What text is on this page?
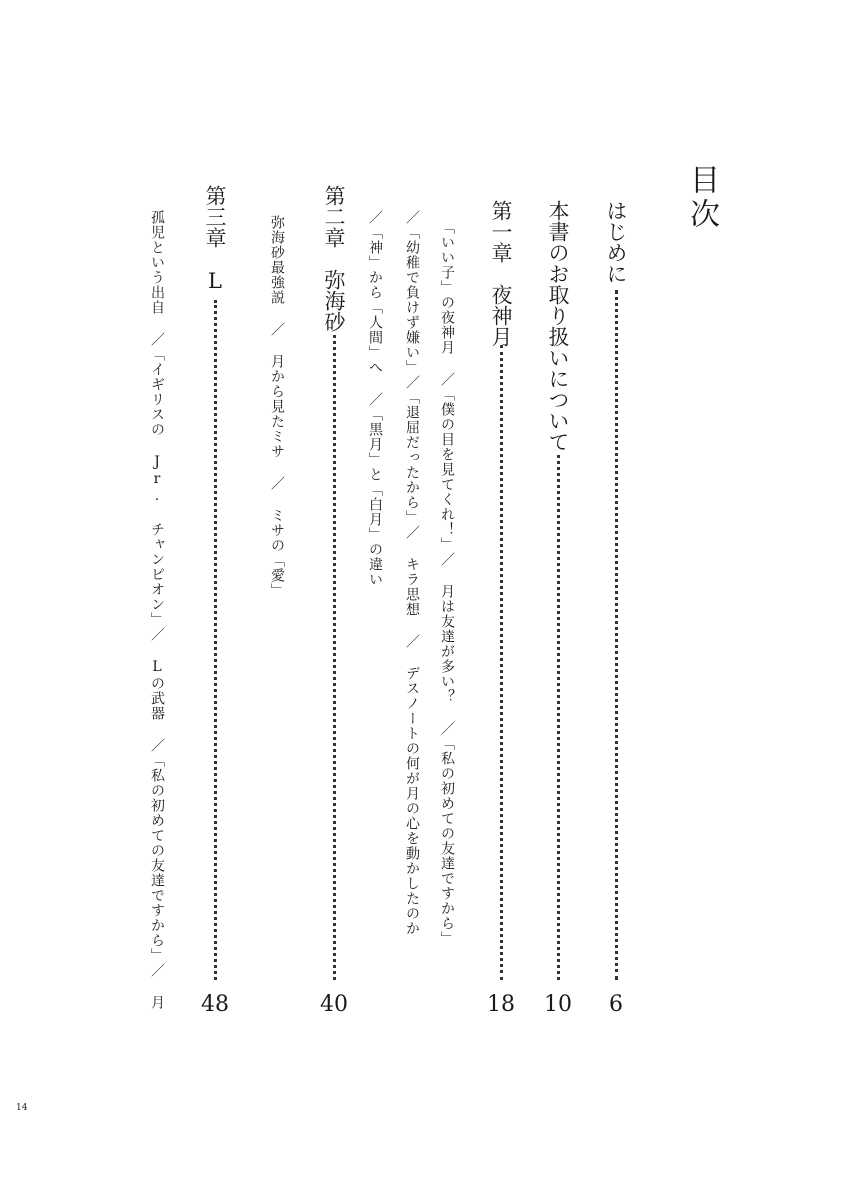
目次
はじめに
6
本書のお取り扱いについて
10
第一章　夜神月
18
「いい子」の夜神月 ／「僕の目を見てくれ！」／ 月は友達が多い？ ／「私の初めての友達ですから」
／「幼稚で負けず嫌い」／「退屈だったから」／ キラ思想 ／ デスノートの何が月の心を動かしたのか
／「神」から「人間」へ ／「黒月」と「白月」の違い
第二章　弥海砂
40
弥海砂最強説 ／ 月から見たミサ ／ ミサの「愛」
第三章　L
48
孤児という出自 ／「イギリスの Jr. チャンピオン」／ Lの武器 ／「私の初めての友達ですから」／ 月
14
